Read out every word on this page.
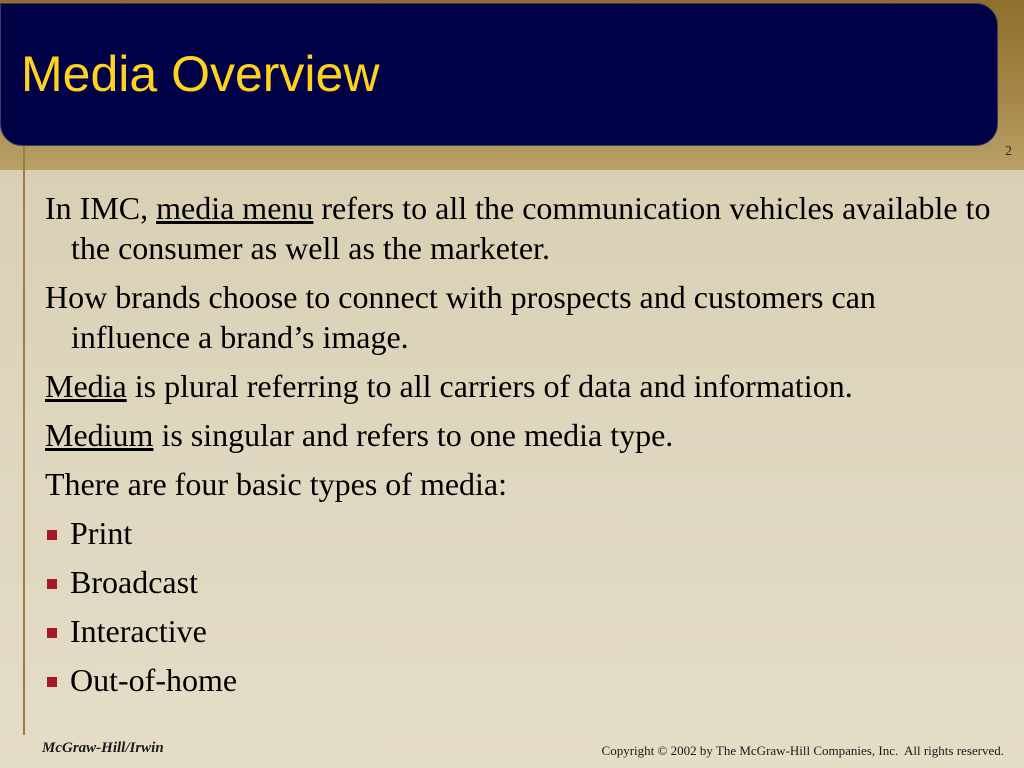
Media Overview
2

In IMC, media menu refers to all the communication vehicles available to the consumer as well as the marketer.

How brands choose to connect with prospects and customers can influence a brand’s image.

Media is plural referring to all carriers of data and information.

Medium is singular and refers to one media type.

There are four basic types of media:

Print
Broadcast
Interactive
Out-of-home
McGraw-Hill/Irwin	Copyright © 2002 by The McGraw-Hill Companies, Inc.  All rights reserved.
